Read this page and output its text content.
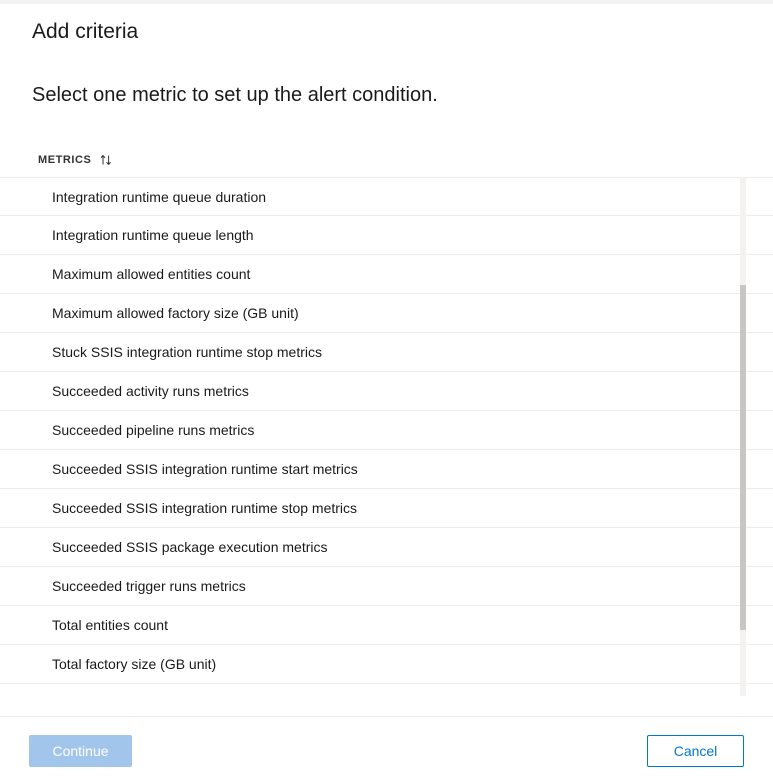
Add criteria
Select one metric to set up the alert condition.
METRICS
Integration runtime queue duration
Integration runtime queue length
Maximum allowed entities count
Maximum allowed factory size (GB unit)
Stuck SSIS integration runtime stop metrics
Succeeded activity runs metrics
Succeeded pipeline runs metrics
Succeeded SSIS integration runtime start metrics
Succeeded SSIS integration runtime stop metrics
Succeeded SSIS package execution metrics
Succeeded trigger runs metrics
Total entities count
Total factory size (GB unit)
Continue	Cancel
